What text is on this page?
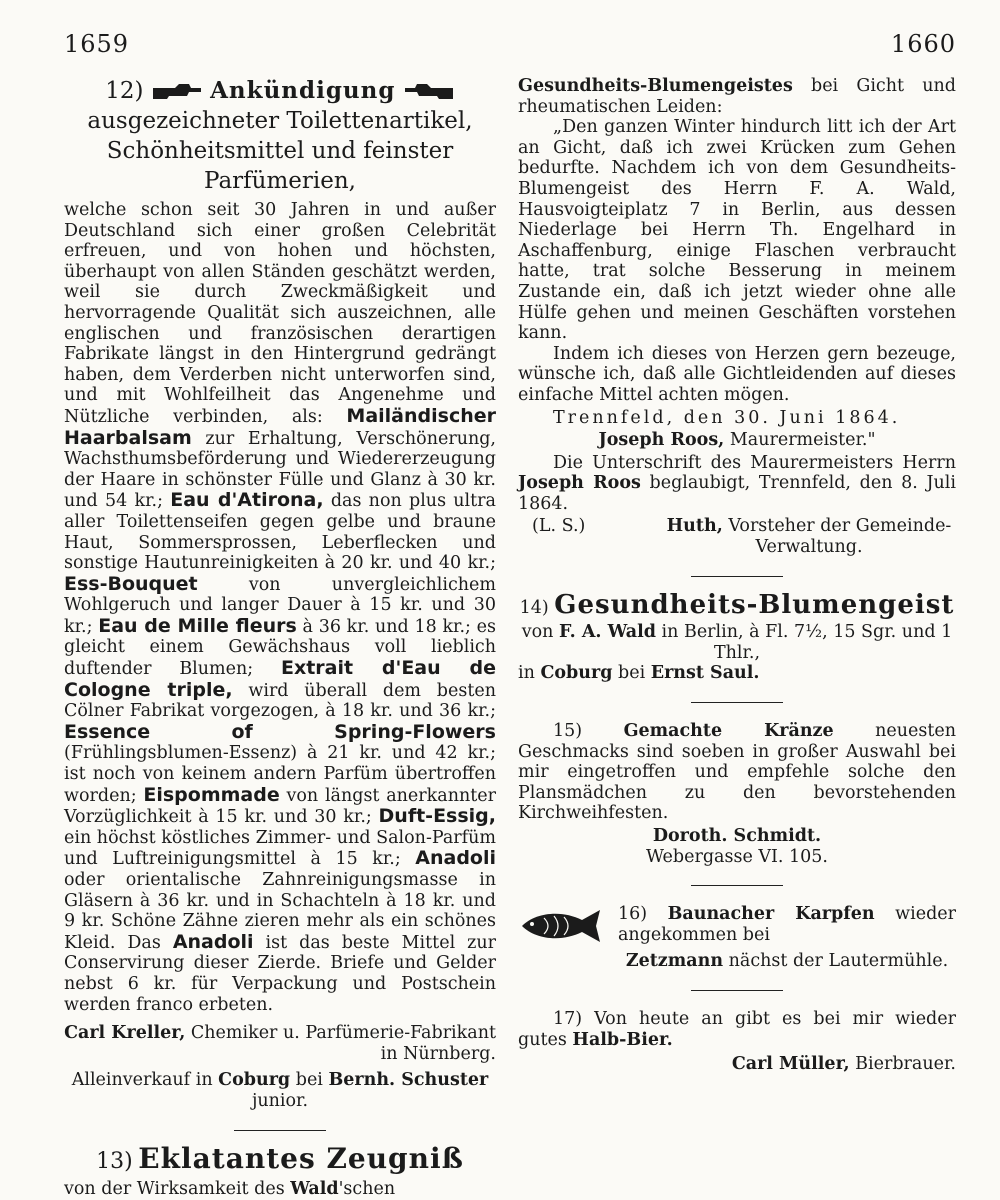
1659	1660

12)	Ankündigung

ausgezeichneter Toilettenartikel, Schönheitsmittel und feinster Parfümerien,

welche schon seit 30 Jahren in und außer Deutschland sich einer großen Celebrität erfreuen, und von hohen und höchsten, überhaupt von allen Ständen geschätzt werden, weil sie durch Zweckmäßigkeit und hervorragende Qualität sich auszeichnen, alle englischen und französischen derartigen Fabrikate längst in den Hintergrund gedrängt haben, dem Verderben nicht unterworfen sind, und mit Wohlfeilheit das Angenehme und Nützliche verbinden, als: Mailändischer Haarbalsam zur Erhaltung, Verschönerung, Wachsthumsbeförderung und Wiedererzeugung der Haare in schönster Fülle und Glanz à 30 kr. und 54 kr.; Eau d'Atirona, das non plus ultra aller Toilettenseifen gegen gelbe und braune Haut, Sommersprossen, Leberflecken und sonstige Hautunreinigkeiten à 20 kr. und 40 kr.; Ess-Bouquet von unvergleichlichem Wohlgeruch und langer Dauer à 15 kr. und 30 kr.; Eau de Mille fleurs à 36 kr. und 18 kr.; es gleicht einem Gewächshaus voll lieblich duftender Blumen; Extrait d'Eau de Cologne triple, wird überall dem besten Cölner Fabrikat vorgezogen, à 18 kr. und 36 kr.; Essence of Spring-Flowers (Frühlingsblumen-Essenz) à 21 kr. und 42 kr.; ist noch von keinem andern Parfüm übertroffen worden; Eispommade von längst anerkannter Vorzüglichkeit à 15 kr. und 30 kr.; Duft-Essig, ein höchst köstliches Zimmer- und Salon-Parfüm und Luftreinigungsmittel à 15 kr.; Anadoli oder orientalische Zahnreinigungsmasse in Gläsern à 36 kr. und in Schachteln à 18 kr. und 9 kr. Schöne Zähne zieren mehr als ein schönes Kleid. Das Anadoli ist das beste Mittel zur Conservirung dieser Zierde. Briefe und Gelder nebst 6 kr. für Verpackung und Postschein werden franco erbeten.

Carl Kreller, Chemiker u. Parfümerie-Fabrikant in Nürnberg.

Alleinverkauf in Coburg bei Bernh. Schuster junior.

13) Eklatantes Zeugniß

von der Wirksamkeit des Wald'schen

Gesundheits-Blumengeistes bei Gicht und rheumatischen Leiden:

„Den ganzen Winter hindurch litt ich der Art an Gicht, daß ich zwei Krücken zum Gehen bedurfte. Nachdem ich von dem Gesundheits-Blumengeist des Herrn F. A. Wald, Hausvoigteiplatz 7 in Berlin, aus dessen Niederlage bei Herrn Th. Engelhard in Aschaffenburg, einige Flaschen verbraucht hatte, trat solche Besserung in meinem Zustande ein, daß ich jetzt wieder ohne alle Hülfe gehen und meinen Geschäften vorstehen kann.

Indem ich dieses von Herzen gern bezeuge, wünsche ich, daß alle Gichtleidenden auf dieses einfache Mittel achten mögen.

Trennfeld, den 30. Juni 1864.

Joseph Roos, Maurermeister."

Die Unterschrift des Maurermeisters Herrn Joseph Roos beglaubigt, Trennfeld, den 8. Juli 1864.

(L. S.)	Huth, Vorsteher der Gemeinde-Verwaltung.

14) Gesundheits-Blumengeist

von F. A. Wald in Berlin, à Fl. 7½, 15 Sgr. und 1 Thlr.,

in Coburg bei Ernst Saul.

15) Gemachte Kränze neuesten Geschmacks sind soeben in großer Auswahl bei mir eingetroffen und empfehle solche den Plansmädchen zu den bevorstehenden Kirchweihfesten.

Doroth. Schmidt.

Webergasse VI. 105.

16) Baunacher Karpfen wieder angekommen bei

Zetzmann nächst der Lautermühle.

17) Von heute an gibt es bei mir wieder gutes Halb-Bier.

Carl Müller, Bierbrauer.
